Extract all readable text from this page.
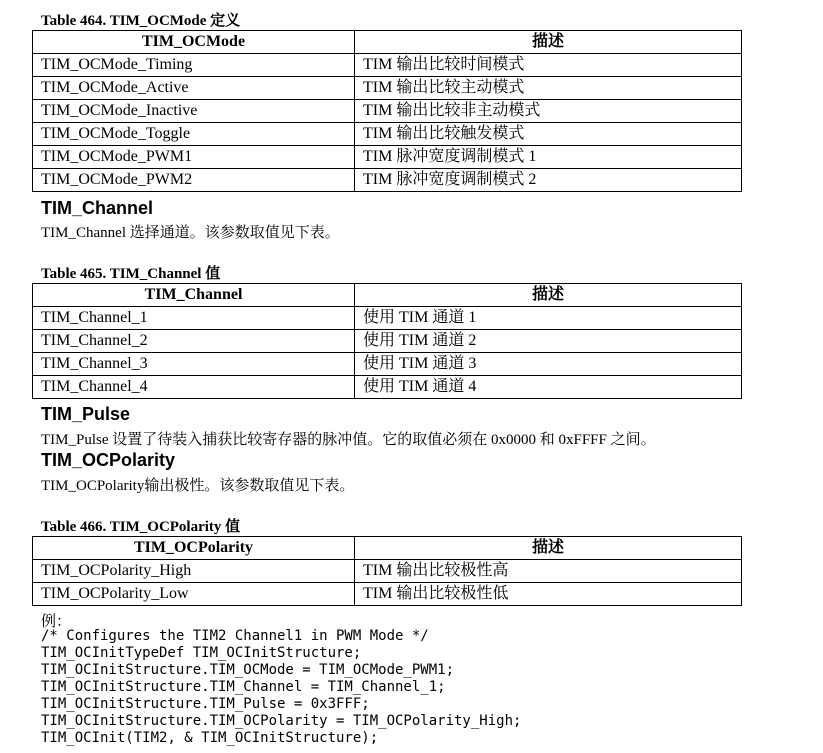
Table 464. TIM_OCMode 定义
TIM_OCMode	描述
TIM_OCMode_Timing	TIM 输出比较时间模式
TIM_OCMode_Active	TIM 输出比较主动模式
TIM_OCMode_Inactive	TIM 输出比较非主动模式
TIM_OCMode_Toggle	TIM 输出比较触发模式
TIM_OCMode_PWM1	TIM 脉冲宽度调制模式 1
TIM_OCMode_PWM2	TIM 脉冲宽度调制模式 2
TIM_Channel
TIM_Channel 选择通道。该参数取值见下表。
Table 465. TIM_Channel 值
TIM_Channel	描述
TIM_Channel_1	使用 TIM 通道 1
TIM_Channel_2	使用 TIM 通道 2
TIM_Channel_3	使用 TIM 通道 3
TIM_Channel_4	使用 TIM 通道 4
TIM_Pulse
TIM_Pulse 设置了待装入捕获比较寄存器的脉冲值。它的取值必须在 0x0000 和 0xFFFF 之间。
TIM_OCPolarity
TIM_OCPolarity输出极性。该参数取值见下表。
Table 466. TIM_OCPolarity 值
TIM_OCPolarity	描述
TIM_OCPolarity_High	TIM 输出比较极性高
TIM_OCPolarity_Low	TIM 输出比较极性低
例：
/* Configures the TIM2 Channel1 in PWM Mode */
TIM_OCInitTypeDef TIM_OCInitStructure;
TIM_OCInitStructure.TIM_OCMode = TIM_OCMode_PWM1;
TIM_OCInitStructure.TIM_Channel = TIM_Channel_1;
TIM_OCInitStructure.TIM_Pulse = 0x3FFF;
TIM_OCInitStructure.TIM_OCPolarity = TIM_OCPolarity_High;
TIM_OCInit(TIM2, & TIM_OCInitStructure);
